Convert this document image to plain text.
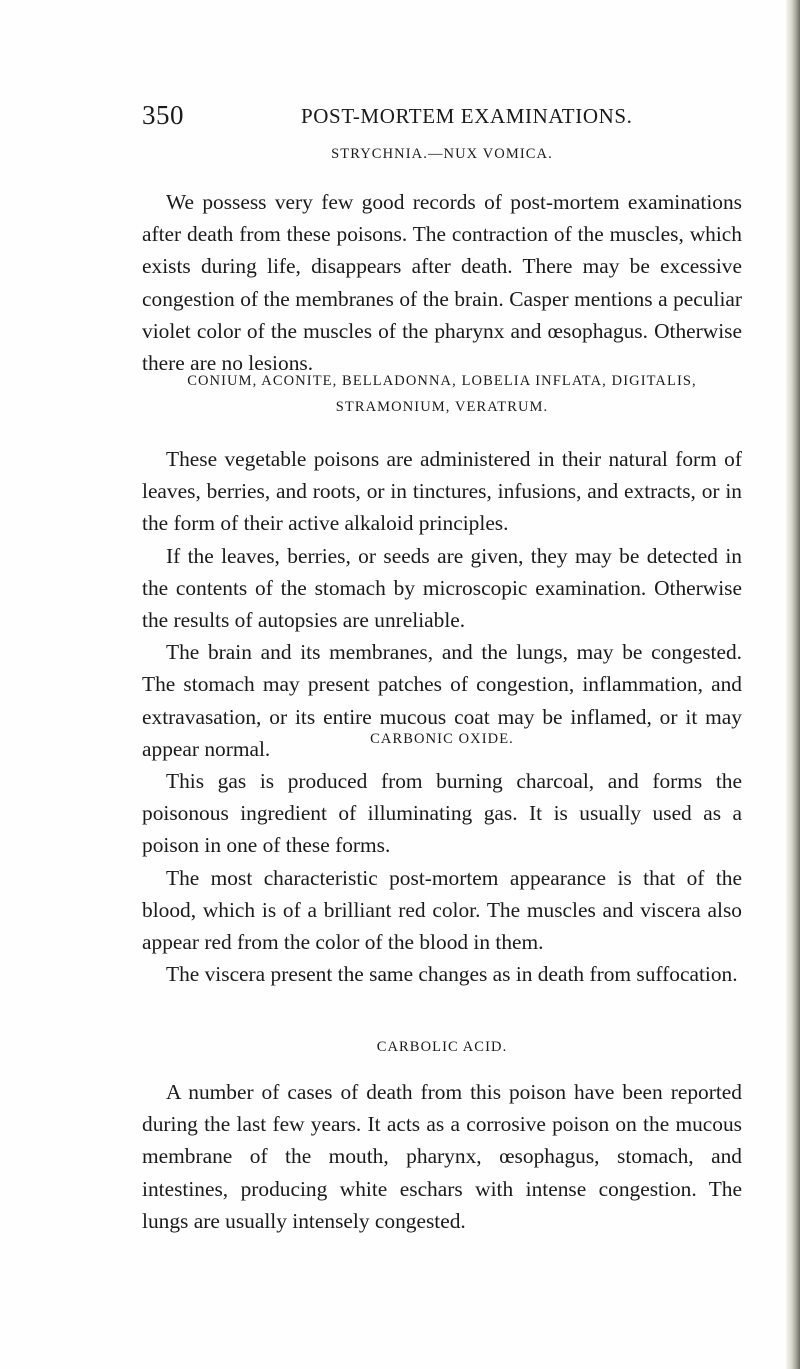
350	POST-MORTEM EXAMINATIONS.
STRYCHNIA.—NUX VOMICA.

We possess very few good records of post-mortem examinations after death from these poisons. The contraction of the muscles, which exists during life, disappears after death. There may be excessive congestion of the membranes of the brain. Casper mentions a peculiar violet color of the muscles of the pharynx and œsophagus. Otherwise there are no lesions.

CONIUM, ACONITE, BELLADONNA, LOBELIA INFLATA, DIGITALIS,
STRAMONIUM, VERATRUM.

These vegetable poisons are administered in their natural form of leaves, berries, and roots, or in tinctures, infusions, and extracts, or in the form of their active alkaloid principles.

If the leaves, berries, or seeds are given, they may be detected in the contents of the stomach by microscopic examination. Otherwise the results of autopsies are unreliable.

The brain and its membranes, and the lungs, may be congested. The stomach may present patches of congestion, inflammation, and extravasation, or its entire mucous coat may be inflamed, or it may appear normal.	CARBONIC OXIDE.

This gas is produced from burning charcoal, and forms the poisonous ingredient of illuminating gas. It is usually used as a poison in one of these forms.

The most characteristic post-mortem appearance is that of the blood, which is of a brilliant red color. The muscles and viscera also appear red from the color of the blood in them.

The viscera present the same changes as in death from suffocation.

CARBOLIC ACID.

A number of cases of death from this poison have been reported during the last few years. It acts as a corrosive poison on the mucous membrane of the mouth, pharynx, œsophagus, stomach, and intestines, producing white eschars with intense congestion. The lungs are usually intensely congested.
